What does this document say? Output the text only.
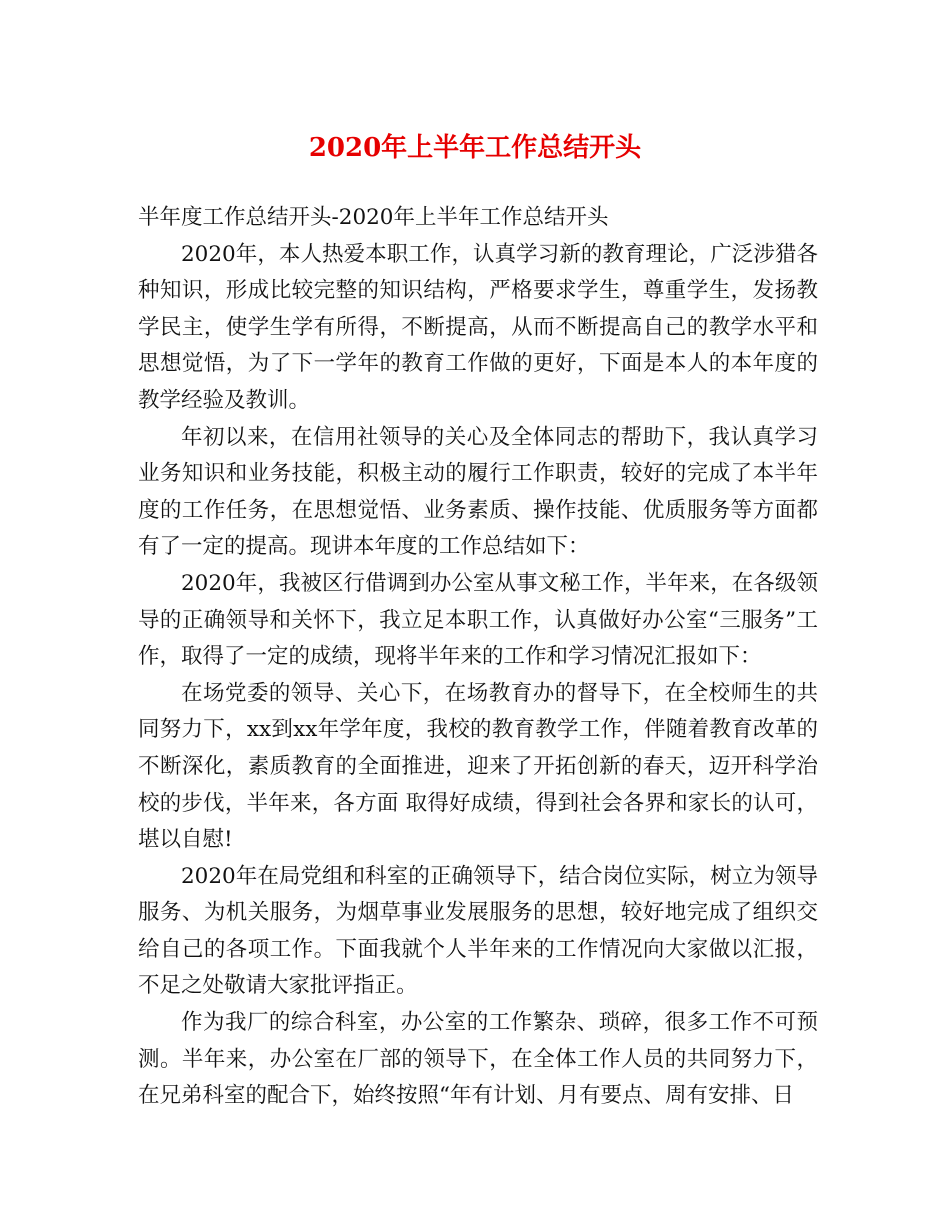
2020年上半年工作总结开头

半年度工作总结开头-2020年上半年工作总结开头

2020年，本人热爱本职工作，认真学习新的教育理论，广泛涉猎各种知识，形成比较完整的知识结构，严格要求学生，尊重学生，发扬教学民主，使学生学有所得，不断提高，从而不断提高自己的教学水平和思想觉悟，为了下一学年的教育工作做的更好，下面是本人的本年度的教学经验及教训。

年初以来，在信用社领导的关心及全体同志的帮助下，我认真学习业务知识和业务技能，积极主动的履行工作职责，较好的完成了本半年度的工作任务，在思想觉悟、业务素质、操作技能、优质服务等方面都有了一定的提高。现讲本年度的工作总结如下：

2020年，我被区行借调到办公室从事文秘工作，半年来，在各级领导的正确领导和关怀下，我立足本职工作，认真做好办公室“三服务”工作，取得了一定的成绩，现将半年来的工作和学习情况汇报如下：

在场党委的领导、关心下，在场教育办的督导下，在全校师生的共同努力下，xx到xx年学年度，我校的教育教学工作，伴随着教育改革的不断深化，素质教育的全面推进，迎来了开拓创新的春天，迈开科学治校的步伐，半年来，各方面 取得好成绩，得到社会各界和家长的认可，堪以自慰!

2020年在局党组和科室的正确领导下，结合岗位实际，树立为领导服务、为机关服务，为烟草事业发展服务的思想，较好地完成了组织交给自己的各项工作。下面我就个人半年来的工作情况向大家做以汇报，不足之处敬请大家批评指正。

作为我厂的综合科室，办公室的工作繁杂、琐碎，很多工作不可预测。半年来，办公室在厂部的领导下，在全体工作人员的共同努力下，在兄弟科室的配合下，始终按照“年有计划、月有要点、周有安排、日
